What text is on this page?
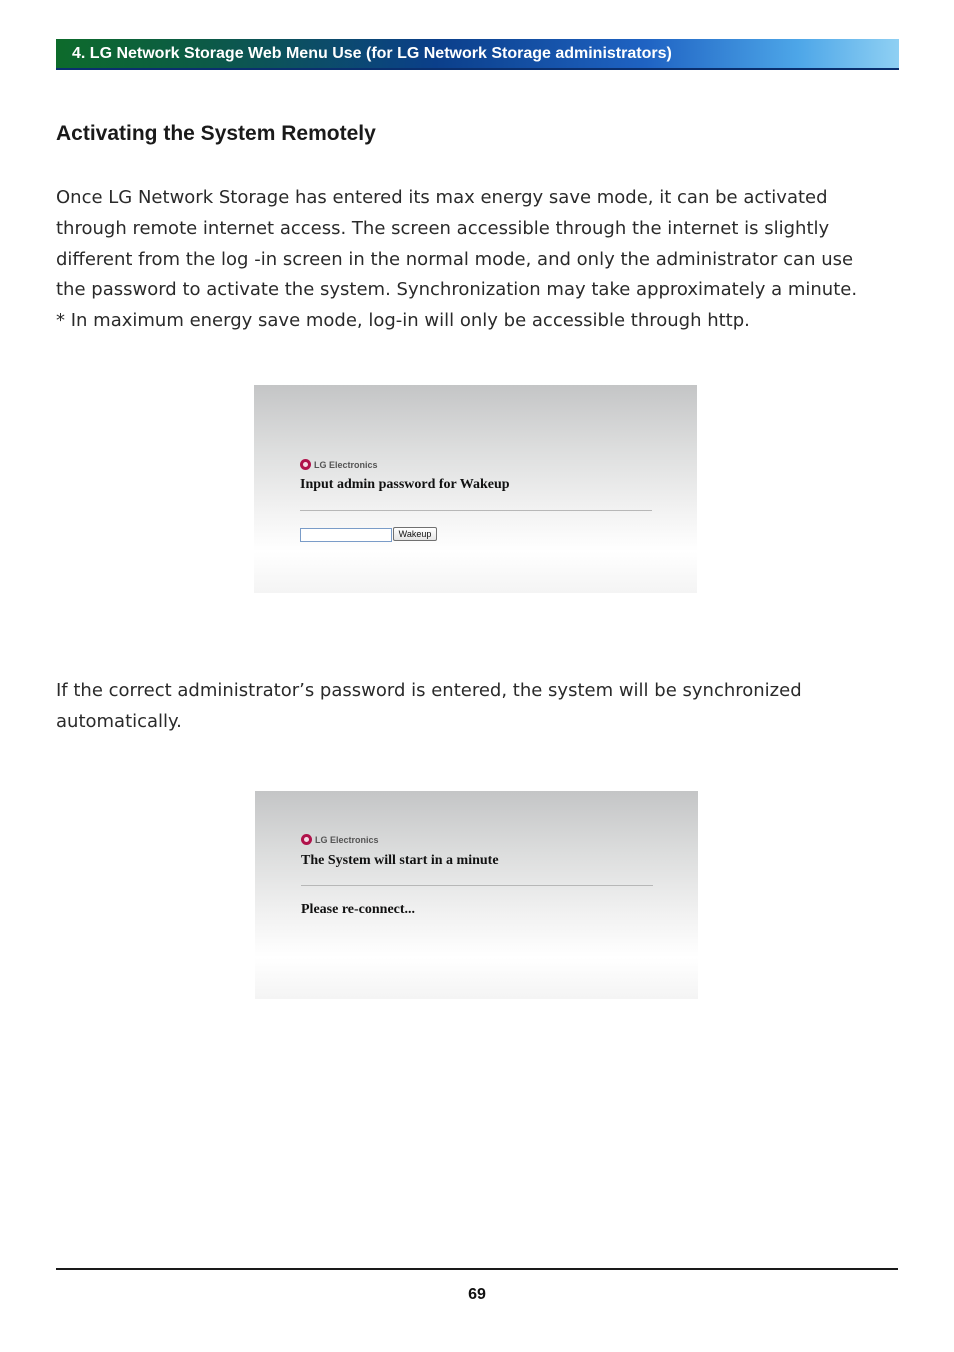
4. LG Network Storage Web Menu Use (for LG Network Storage administrators)
Activating the System Remotely

Once LG Network Storage has entered its max energy save mode, it can be activated
through remote internet access. The screen accessible through the internet is slightly
different from the log -in screen in the normal mode, and only the administrator can use
the password to activate the system. Synchronization may take approximately a minute.
* In maximum energy save mode, log-in will only be accessible through http.

LG Electronics
Input admin password for Wakeup
Wakeup

If the correct administrator’s password is entered, the system will be synchronized
automatically.

LG Electronics
The System will start in a minute
Please re-connect...
69
